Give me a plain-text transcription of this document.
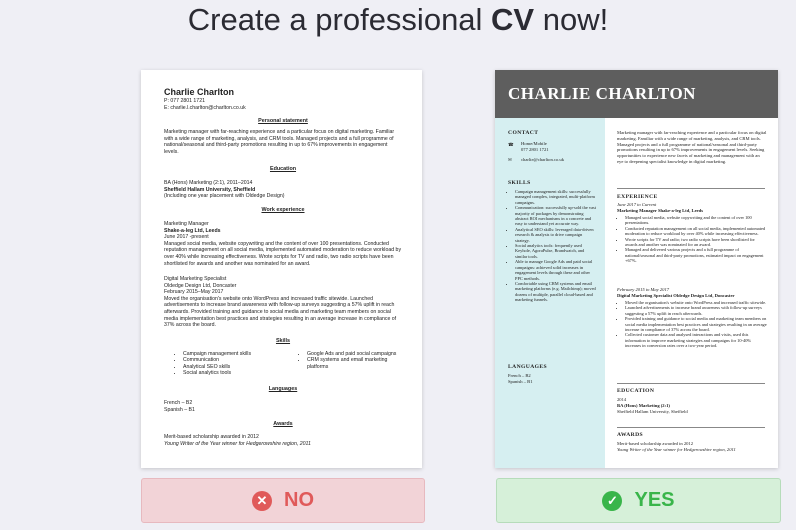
Create a professional CV now!
Charlie Charlton
P: 077 2801 1721
E: charlie.l.charlton@charlton.co.uk
Personal statement
Marketing manager with far-reaching experience and a particular focus on digital marketing. Familiar with a wide range of marketing, analysis, and CRM tools. Managed projects and a full programme of national/seasonal and third-party promotions resulting in up to 67% improvements in engagement levels.
Education
BA (Hons) Marketing (2:1), 2011–2014
Sheffield Hallam University, Sheffield
(Including one year placement with Oldedge Design)
Work experience
Marketing Manager
Shake-a-leg Ltd, Leeds
June 2017 -present
Managed social media, website copywriting and the content of over 100 presentations. Conducted reputation management on all social media, implemented automated moderation to reduce workload by over 40% while increasing effectiveness. Wrote scripts for TV and radio, two radio scripts have been shortlisted for awards and another was nominated for an award.
Digital Marketing Specialist
Oldedge Design Ltd, Doncaster
February 2015–May 2017
Moved the organisation's website onto WordPress and increased traffic sitewide. Launched advertisements to increase brand awareness with follow-up surveys suggesting a 57% uplift in reach afterwards. Provided training and guidance to social media and marketing team members on social media implementation best practices and strategies resulting in an average increase in compliance of 37% across the board.
Skills
• Campaign management skills
• Communication
• Analytical SEO skills
• Social analytics tools
• Google Ads and paid social campaigns
• CRM systems and email marketing platforms
Languages
French – B2
Spanish – B1
Awards
Merit-based scholarship awarded in 2012
Young Writer of the Year winner for Hedgerowshire region, 2011
CHARLIE CHARLTON
CONTACT
☎ Home/Mobile
077 2801 1721
✉ charlie@charlton.co.uk
SKILLS
• Campaign management skills: successfully managed complex, integrated, multi-platform campaigns.
• Communication: successfully up-sold the vast majority of packages by demonstrating abstract ROI mechanisms in a concrete and easy to understand yet accurate way.
• Analytical SEO skills: leveraged data-driven research & analysis to drive campaign strategy.
• Social analytics tools: frequently used Keyhole, AgoraPulse, Brandwatch, and similar tools.
• Able to manage Google Ads and paid social campaigns: achieved solid increases in engagement levels through these and other PPC methods.
• Comfortable using CRM systems and email marketing platforms (e.g. Mailchimp); moved dozens of multiple, parallel cloud-based and marketing funnels.
LANGUAGES
French – B2
Spanish – B1
Marketing manager with far-reaching experience and a particular focus on digital marketing. Familiar with a wide range of marketing, analysis, and CRM tools. Managed projects and a full programme of national/seasonal and third-party promotions resulting in up to 67% improvements in engagement levels. Seeking opportunities to experience new facets of marketing and management with an eye to deepening specialist knowledge in digital marketing.
EXPERIENCE
June 2017 to Current
Marketing Manager Shake-a-leg Ltd, Leeds
• Managed social media, website copywriting and the content of over 100 presentations.
• Conducted reputation management on all social media, implemented automated moderation to reduce workload by over 40% while increasing effectiveness.
• Wrote scripts for TV and radio; two radio scripts have been shortlisted for awards and another was nominated for an award.
• Managed and delivered various projects and a full programme of national/seasonal and third-party promotions, estimated impact on engagement +67%.
February 2015 to May 2017
Digital Marketing Specialist Oldedge Design Ltd, Doncaster
• Moved the organisation's website onto WordPress and increased traffic sitewide.
• Launched advertisements to increase brand awareness with follow-up surveys suggesting a 57% uplift in reach afterwards.
• Provided training and guidance to social media and marketing team members on social media implementation best practices and strategies resulting in an average increase in compliance of 37% across the board.
• Collected customer data and analysed interactions and visits, used this information to improve marketing strategies and campaigns for 10-40% increases in conversion rates over a two-year period.
EDUCATION
2014
BA (Hons) Marketing (2:1)
Sheffield Hallam University, Sheffield
AWARDS
Merit-based scholarship awarded in 2012
Young Writer of the Year winner for Hedgerowshire region, 2011
✕ NO	✓ YES
